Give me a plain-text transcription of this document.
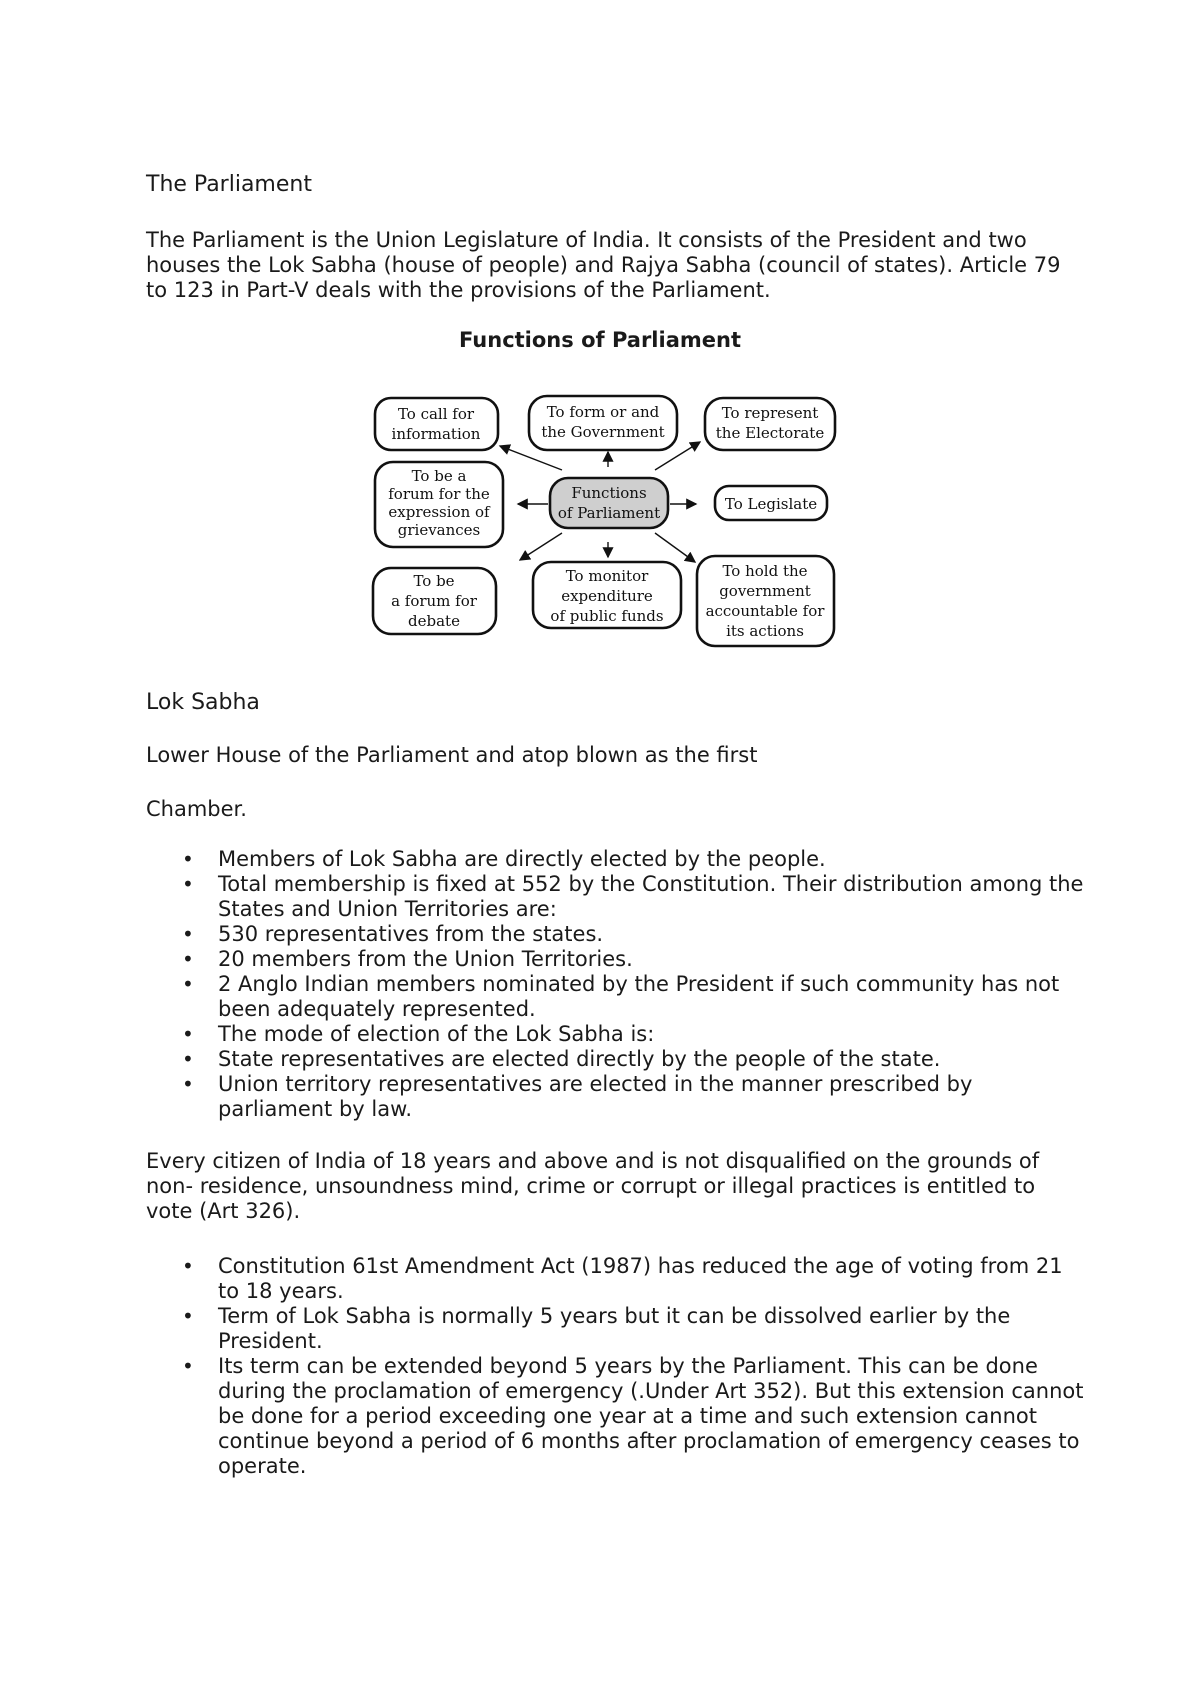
The Parliament

The Parliament is the Union Legislature of India. It consists of the President and two houses the Lok Sabha (house of people) and Rajya Sabha (council of states). Article 79 to 123 in Part-V deals with the provisions of the Parliament.

Functions of Parliament
Functions
of Parliament
To call for
information
To form or and
the Government
To represent
the Electorate
To be a
forum for the
expression of
grievances
To Legislate
To be
a forum for
debate
To monitor
expenditure
of public funds
To hold the
government
accountable for
its actions
Lok Sabha

Lower House of the Parliament and atop blown as the first

Chamber.

• Members of Lok Sabha are directly elected by the people.
• Total membership is fixed at 552 by the Constitution. Their distribution among the States and Union Territories are:
• 530 representatives from the states.
• 20 members from the Union Territories.
• 2 Anglo Indian members nominated by the President if such community has not been adequately represented.
• The mode of election of the Lok Sabha is:
• State representatives are elected directly by the people of the state.
• Union territory representatives are elected in the manner prescribed by parliament by law.

Every citizen of India of 18 years and above and is not disqualified on the grounds of non- residence, unsoundness mind, crime or corrupt or illegal practices is entitled to vote (Art 326).

• Constitution 61st Amendment Act (1987) has reduced the age of voting from 21 to 18 years.
• Term of Lok Sabha is normally 5 years but it can be dissolved earlier by the President.
• Its term can be extended beyond 5 years by the Parliament. This can be done during the proclamation of emergency (.Under Art 352). But this extension cannot be done for a period exceeding one year at a time and such extension cannot continue beyond a period of 6 months after proclamation of emergency ceases to operate.
